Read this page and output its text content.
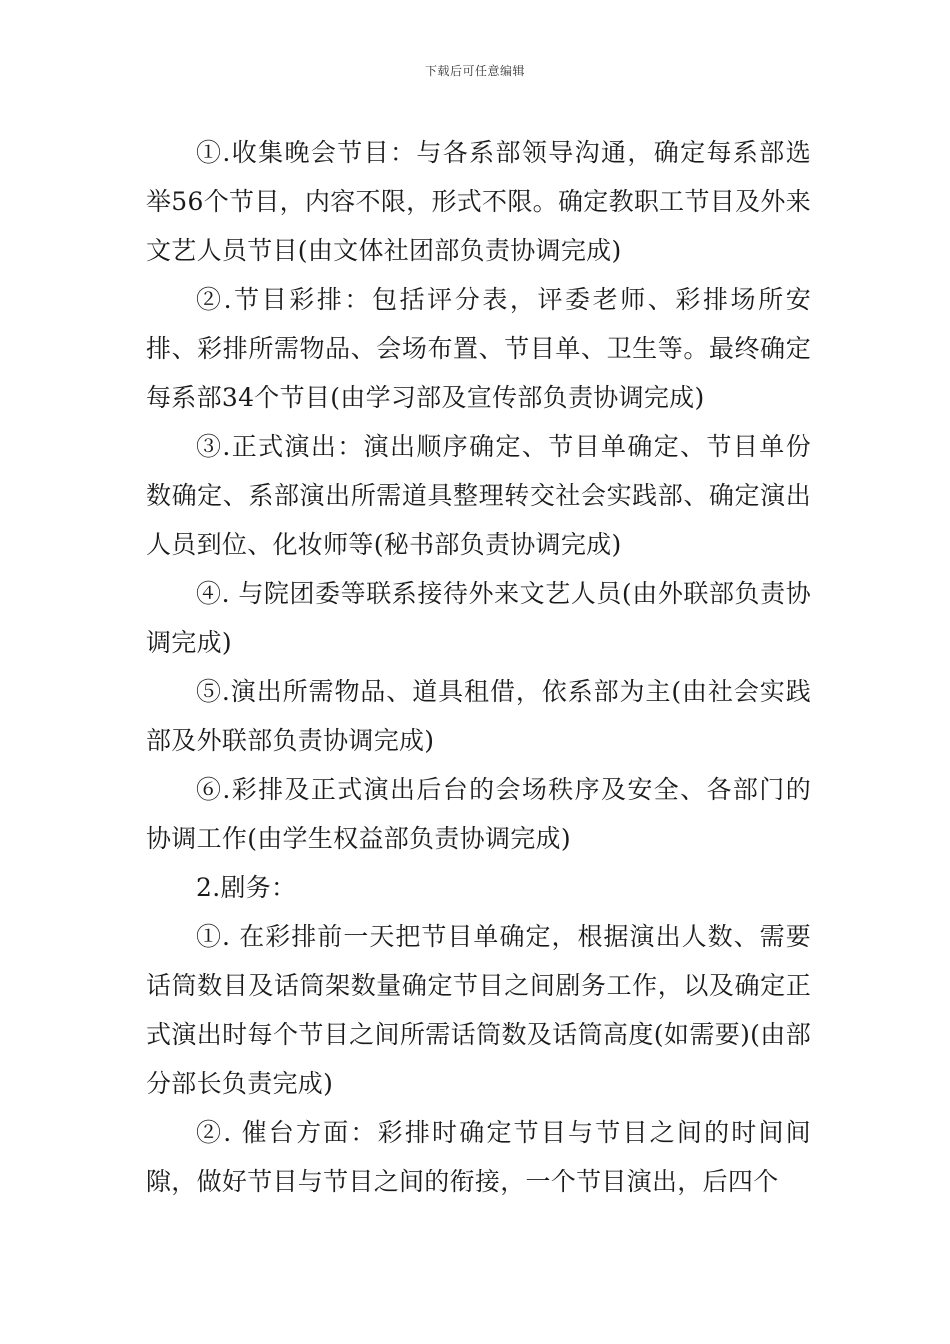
下载后可任意编辑

①.收集晚会节目：与各系部领导沟通，确定每系部选举56个节目，内容不限，形式不限。确定教职工节目及外来文艺人员节目(由文体社团部负责协调完成)

②.节目彩排：包括评分表，评委老师、彩排场所安排、彩排所需物品、会场布置、节目单、卫生等。最终确定每系部34个节目(由学习部及宣传部负责协调完成)

③.正式演出：演出顺序确定、节目单确定、节目单份数确定、系部演出所需道具整理转交社会实践部、确定演出人员到位、化妆师等(秘书部负责协调完成)

④. 与院团委等联系接待外来文艺人员(由外联部负责协调完成)

⑤.演出所需物品、道具租借，依系部为主(由社会实践部及外联部负责协调完成)

⑥.彩排及正式演出后台的会场秩序及安全、各部门的协调工作(由学生权益部负责协调完成)

2.剧务：

①. 在彩排前一天把节目单确定，根据演出人数、需要话筒数目及话筒架数量确定节目之间剧务工作，以及确定正式演出时每个节目之间所需话筒数及话筒高度(如需要)(由部分部长负责完成)

②. 催台方面：彩排时确定节目与节目之间的时间间隙，做好节目与节目之间的衔接，一个节目演出，后四个
